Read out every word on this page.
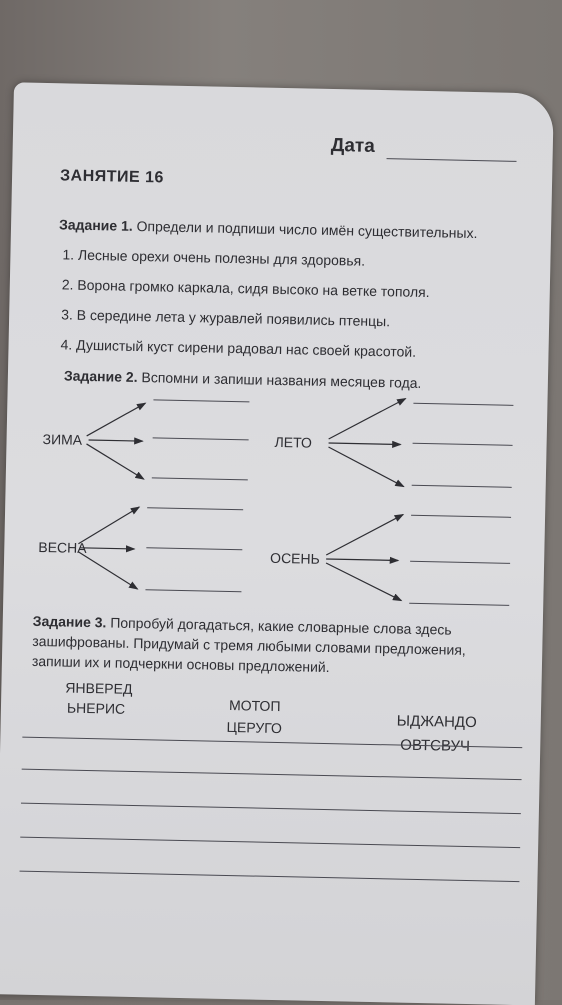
Дата
ЗАНЯТИЕ 16
Задание 1. Определи и подпиши число имён существительных.
1. Лесные орехи очень полезны для здоровья.
2. Ворона громко каркала, сидя высоко на ветке тополя.
3. В середине лета у журавлей появились птенцы.
4. Душистый куст сирени радовал нас своей красотой.
Задание 2. Вспомни и запиши названия месяцев года.
ЗИМА	ЛЕТО
ВЕСНА
ОСЕНЬ
Задание 3. Попробуй догадаться, какие словарные слова здесь
зашифрованы. Придумай с тремя любыми словами предложения,
запиши их и подчеркни основы предложений.
ЯНВЕРЕД
ЬНЕРИС	МОТОП
ЦЕРУГО	ЫДЖАНДО
ОВТСВУЧ
